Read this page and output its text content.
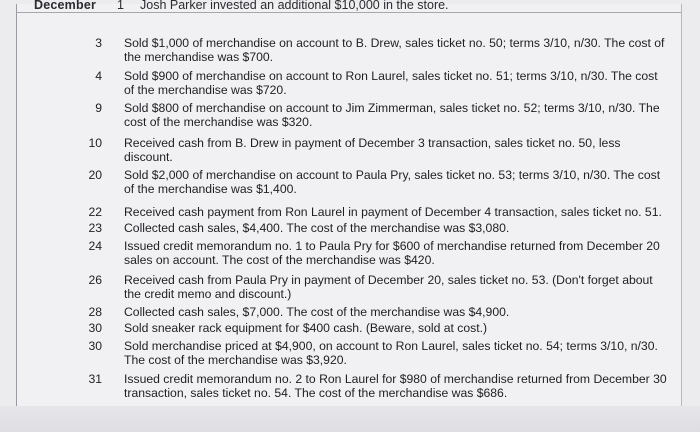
December 1 Josh Parker invested an additional $10,000 in the store.
3 Sold $1,000 of merchandise on account to B. Drew, sales ticket no. 50; terms 3/10, n/30. The cost of
the merchandise was $700.
4 Sold $900 of merchandise on account to Ron Laurel, sales ticket no. 51; terms 3/10, n/30. The cost
of the merchandise was $720.
9 Sold $800 of merchandise on account to Jim Zimmerman, sales ticket no. 52; terms 3/10, n/30. The
cost of the merchandise was $320.
10 Received cash from B. Drew in payment of December 3 transaction, sales ticket no. 50, less
discount.
20 Sold $2,000 of merchandise on account to Paula Pry, sales ticket no. 53; terms 3/10, n/30. The cost
of the merchandise was $1,400.
22 Received cash payment from Ron Laurel in payment of December 4 transaction, sales ticket no. 51.
23 Collected cash sales, $4,400. The cost of the merchandise was $3,080.
24 Issued credit memorandum no. 1 to Paula Pry for $600 of merchandise returned from December 20
sales on account. The cost of the merchandise was $420.
26 Received cash from Paula Pry in payment of December 20, sales ticket no. 53. (Don't forget about
the credit memo and discount.)
28 Collected cash sales, $7,000. The cost of the merchandise was $4,900.
30 Sold sneaker rack equipment for $400 cash. (Beware, sold at cost.)
30 Sold merchandise priced at $4,900, on account to Ron Laurel, sales ticket no. 54; terms 3/10, n/30.
The cost of the merchandise was $3,920.
31 Issued credit memorandum no. 2 to Ron Laurel for $980 of merchandise returned from December 30
transaction, sales ticket no. 54. The cost of the merchandise was $686.
